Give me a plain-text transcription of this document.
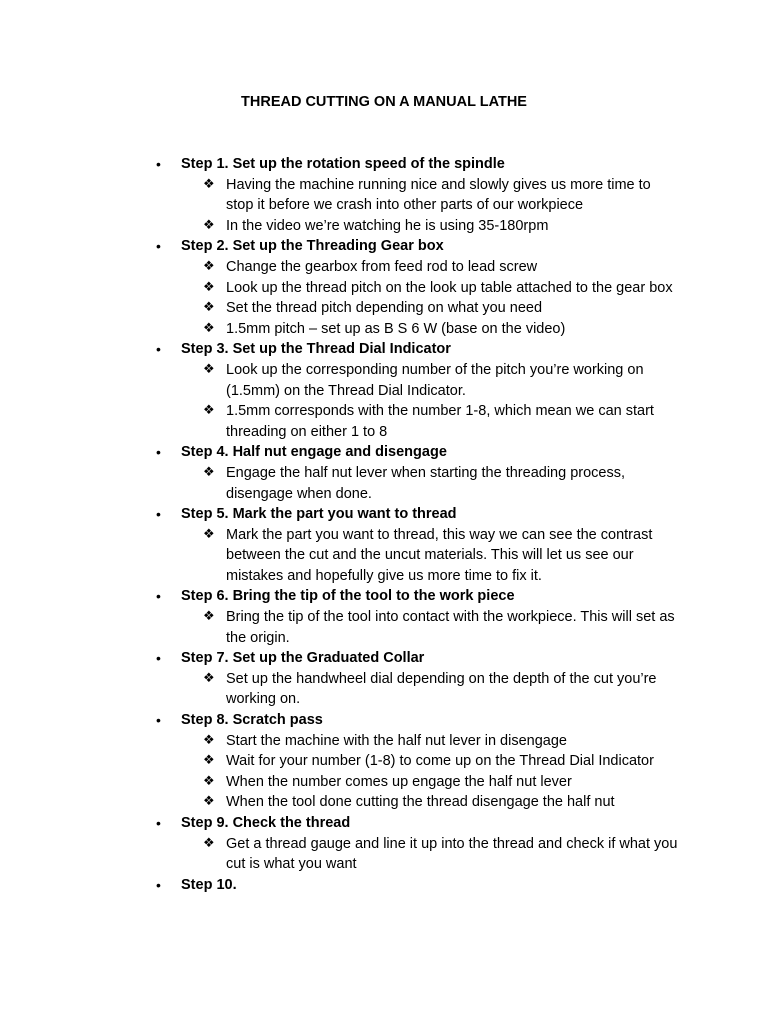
THREAD CUTTING ON A MANUAL LATHE
• Step 1. Set up the rotation speed of the spindle
❖ Having the machine running nice and slowly gives us more time to stop it before we crash into other parts of our workpiece
❖ In the video we’re watching he is using 35-180rpm
• Step 2. Set up the Threading Gear box
❖ Change the gearbox from feed rod to lead screw
❖ Look up the thread pitch on the look up table attached to the gear box
❖ Set the thread pitch depending on what you need
❖ 1.5mm pitch – set up as B S 6 W (base on the video)
• Step 3. Set up the Thread Dial Indicator
❖ Look up the corresponding number of the pitch you’re working on (1.5mm) on the Thread Dial Indicator.
❖ 1.5mm corresponds with the number 1-8, which mean we can start threading on either 1 to 8
• Step 4. Half nut engage and disengage
❖ Engage the half nut lever when starting the threading process, disengage when done.
• Step 5. Mark the part you want to thread
❖ Mark the part you want to thread, this way we can see the contrast between the cut and the uncut materials. This will let us see our mistakes and hopefully give us more time to fix it.
• Step 6. Bring the tip of the tool to the work piece
❖ Bring the tip of the tool into contact with the workpiece. This will set as the origin.
• Step 7. Set up the Graduated Collar
❖ Set up the handwheel dial depending on the depth of the cut you’re working on.
• Step 8. Scratch pass
❖ Start the machine with the half nut lever in disengage
❖ Wait for your number (1-8) to come up on the Thread Dial Indicator
❖ When the number comes up engage the half nut lever
❖ When the tool done cutting the thread disengage the half nut
• Step 9. Check the thread
❖ Get a thread gauge and line it up into the thread and check if what you cut is what you want
• Step 10.
